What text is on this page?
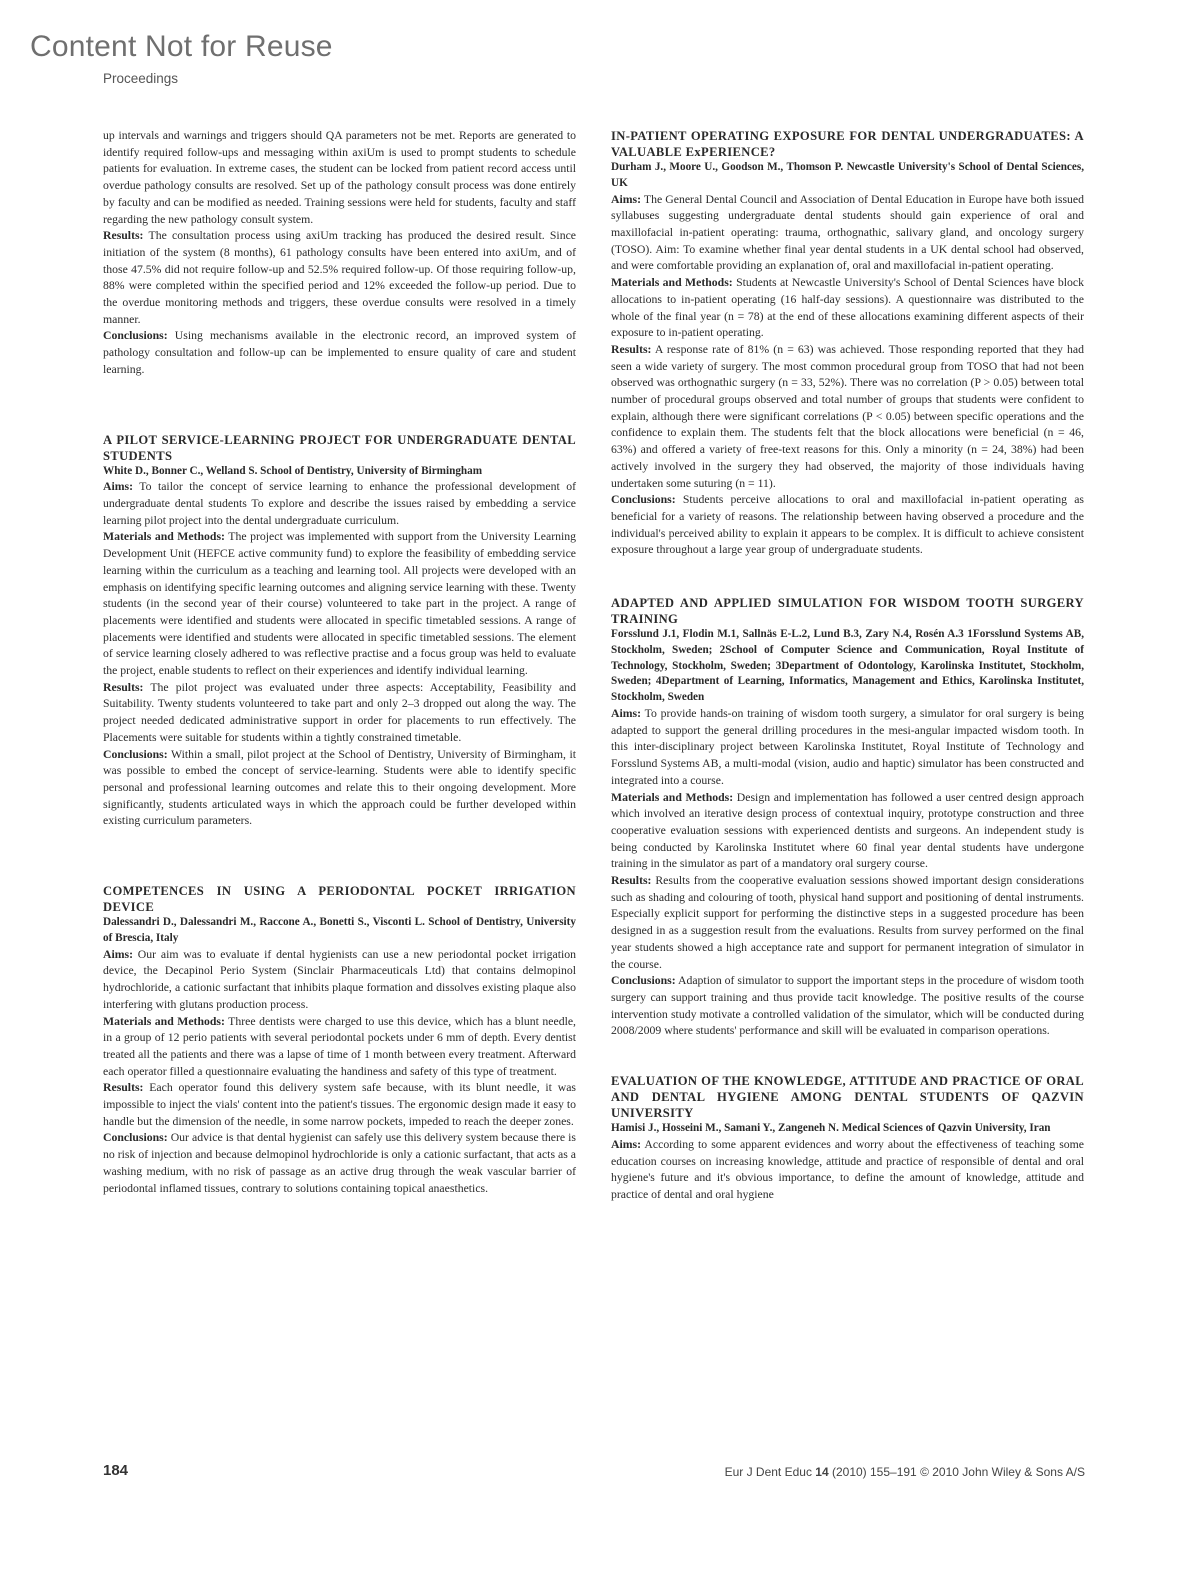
Content Not for Reuse
Proceedings

up intervals and warnings and triggers should QA parameters not be met. Reports are generated to identify required follow-ups and messaging within axiUm is used to prompt students to schedule patients for evaluation. In extreme cases, the student can be locked from patient record access until overdue pathology consults are resolved. Set up of the pathology consult process was done entirely by faculty and can be modified as needed. Training sessions were held for students, faculty and staff regarding the new pathology consult system.

Results: The consultation process using axiUm tracking has produced the desired result. Since initiation of the system (8 months), 61 pathology consults have been entered into axiUm, and of those 47.5% did not require follow-up and 52.5% required follow-up. Of those requiring follow-up, 88% were completed within the specified period and 12% exceeded the follow-up period. Due to the overdue monitoring methods and triggers, these overdue consults were resolved in a timely manner.

Conclusions: Using mechanisms available in the electronic record, an improved system of pathology consultation and follow-up can be implemented to ensure quality of care and student learning.

A PILOT SERVICE-LEARNING PROJECT FOR UNDERGRADUATE DENTAL STUDENTS

White D., Bonner C., Welland S. School of Dentistry, University of Birmingham

Aims: To tailor the concept of service learning to enhance the professional development of undergraduate dental students To explore and describe the issues raised by embedding a service learning pilot project into the dental undergraduate curriculum.

Materials and Methods: The project was implemented with support from the University Learning Development Unit (HEFCE active community fund) to explore the feasibility of embedding service learning within the curriculum as a teaching and learning tool. All projects were developed with an emphasis on identifying specific learning outcomes and aligning service learning with these. Twenty students (in the second year of their course) volunteered to take part in the project. A range of placements were identified and students were allocated in specific timetabled sessions. A range of placements were identified and students were allocated in specific timetabled sessions. The element of service learning closely adhered to was reflective practise and a focus group was held to evaluate the project, enable students to reflect on their experiences and identify individual learning.

Results: The pilot project was evaluated under three aspects: Acceptability, Feasibility and Suitability. Twenty students volunteered to take part and only 2–3 dropped out along the way. The project needed dedicated administrative support in order for placements to run effectively. The Placements were suitable for students within a tightly constrained timetable.

Conclusions: Within a small, pilot project at the School of Dentistry, University of Birmingham, it was possible to embed the concept of service-learning. Students were able to identify specific personal and professional learning outcomes and relate this to their ongoing development. More significantly, students articulated ways in which the approach could be further developed within existing curriculum parameters.

COMPETENCES IN USING A PERIODONTAL POCKET IRRIGATION DEVICE

Dalessandri D., Dalessandri M., Raccone A., Bonetti S., Visconti L. School of Dentistry, University of Brescia, Italy

Aims: Our aim was to evaluate if dental hygienists can use a new periodontal pocket irrigation device, the Decapinol Perio System (Sinclair Pharmaceuticals Ltd) that contains delmopinol hydrochloride, a cationic surfactant that inhibits plaque formation and dissolves existing plaque also interfering with glutans production process.

Materials and Methods: Three dentists were charged to use this device, which has a blunt needle, in a group of 12 perio patients with several periodontal pockets under 6 mm of depth. Every dentist treated all the patients and there was a lapse of time of 1 month between every treatment. Afterward each operator filled a questionnaire evaluating the handiness and safety of this type of treatment.

Results: Each operator found this delivery system safe because, with its blunt needle, it was impossible to inject the vials' content into the patient's tissues. The ergonomic design made it easy to handle but the dimension of the needle, in some narrow pockets, impeded to reach the deeper zones.

Conclusions: Our advice is that dental hygienist can safely use this delivery system because there is no risk of injection and because delmopinol hydrochloride is only a cationic surfactant, that acts as a washing medium, with no risk of passage as an active drug through the weak vascular barrier of periodontal inflamed tissues, contrary to solutions containing topical anaesthetics.

IN-PATIENT OPERATING EXPOSURE FOR DENTAL UNDERGRADUATES: A VALUABLE ExPERIENCE?

Durham J., Moore U., Goodson M., Thomson P. Newcastle University's School of Dental Sciences, UK

Aims: The General Dental Council and Association of Dental Education in Europe have both issued syllabuses suggesting undergraduate dental students should gain experience of oral and maxillofacial in-patient operating: trauma, orthognathic, salivary gland, and oncology surgery (TOSO). Aim: To examine whether final year dental students in a UK dental school had observed, and were comfortable providing an explanation of, oral and maxillofacial in-patient operating.

Materials and Methods: Students at Newcastle University's School of Dental Sciences have block allocations to in-patient operating (16 half-day sessions). A questionnaire was distributed to the whole of the final year (n = 78) at the end of these allocations examining different aspects of their exposure to in-patient operating.

Results: A response rate of 81% (n = 63) was achieved. Those responding reported that they had seen a wide variety of surgery. The most common procedural group from TOSO that had not been observed was orthognathic surgery (n = 33, 52%). There was no correlation (P > 0.05) between total number of procedural groups observed and total number of groups that students were confident to explain, although there were significant correlations (P < 0.05) between specific operations and the confidence to explain them. The students felt that the block allocations were beneficial (n = 46, 63%) and offered a variety of free-text reasons for this. Only a minority (n = 24, 38%) had been actively involved in the surgery they had observed, the majority of those individuals having undertaken some suturing (n = 11).

Conclusions: Students perceive allocations to oral and maxillofacial in-patient operating as beneficial for a variety of reasons. The relationship between having observed a procedure and the individual's perceived ability to explain it appears to be complex. It is difficult to achieve consistent exposure throughout a large year group of undergraduate students.

ADAPTED AND APPLIED SIMULATION FOR WISDOM TOOTH SURGERY TRAINING

Forsslund J.1, Flodin M.1, Sallnäs E-L.2, Lund B.3, Zary N.4, Rosén A.3 1Forsslund Systems AB, Stockholm, Sweden; 2School of Computer Science and Communication, Royal Institute of Technology, Stockholm, Sweden; 3Department of Odontology, Karolinska Institutet, Stockholm, Sweden; 4Department of Learning, Informatics, Management and Ethics, Karolinska Institutet, Stockholm, Sweden

Aims: To provide hands-on training of wisdom tooth surgery, a simulator for oral surgery is being adapted to support the general drilling procedures in the mesi-angular impacted wisdom tooth. In this inter-disciplinary project between Karolinska Institutet, Royal Institute of Technology and Forsslund Systems AB, a multi-modal (vision, audio and haptic) simulator has been constructed and integrated into a course.

Materials and Methods: Design and implementation has followed a user centred design approach which involved an iterative design process of contextual inquiry, prototype construction and three cooperative evaluation sessions with experienced dentists and surgeons. An independent study is being conducted by Karolinska Institutet where 60 final year dental students have undergone training in the simulator as part of a mandatory oral surgery course.

Results: Results from the cooperative evaluation sessions showed important design considerations such as shading and colouring of tooth, physical hand support and positioning of dental instruments. Especially explicit support for performing the distinctive steps in a suggested procedure has been designed in as a suggestion result from the evaluations. Results from survey performed on the final year students showed a high acceptance rate and support for permanent integration of simulator in the course.

Conclusions: Adaption of simulator to support the important steps in the procedure of wisdom tooth surgery can support training and thus provide tacit knowledge. The positive results of the course intervention study motivate a controlled validation of the simulator, which will be conducted during 2008/2009 where students' performance and skill will be evaluated in comparison operations.

EVALUATION OF THE KNOWLEDGE, ATTITUDE AND PRACTICE OF ORAL AND DENTAL HYGIENE AMONG DENTAL STUDENTS OF QAZVIN UNIVERSITY

Hamisi J., Hosseini M., Samani Y., Zangeneh N. Medical Sciences of Qazvin University, Iran

Aims: According to some apparent evidences and worry about the effectiveness of teaching some education courses on increasing knowledge, attitude and practice of responsible of dental and oral hygiene's future and it's obvious importance, to define the amount of knowledge, attitude and practice of dental and oral hygiene

184	Eur J Dent Educ 14 (2010) 155–191 © 2010 John Wiley & Sons A/S
